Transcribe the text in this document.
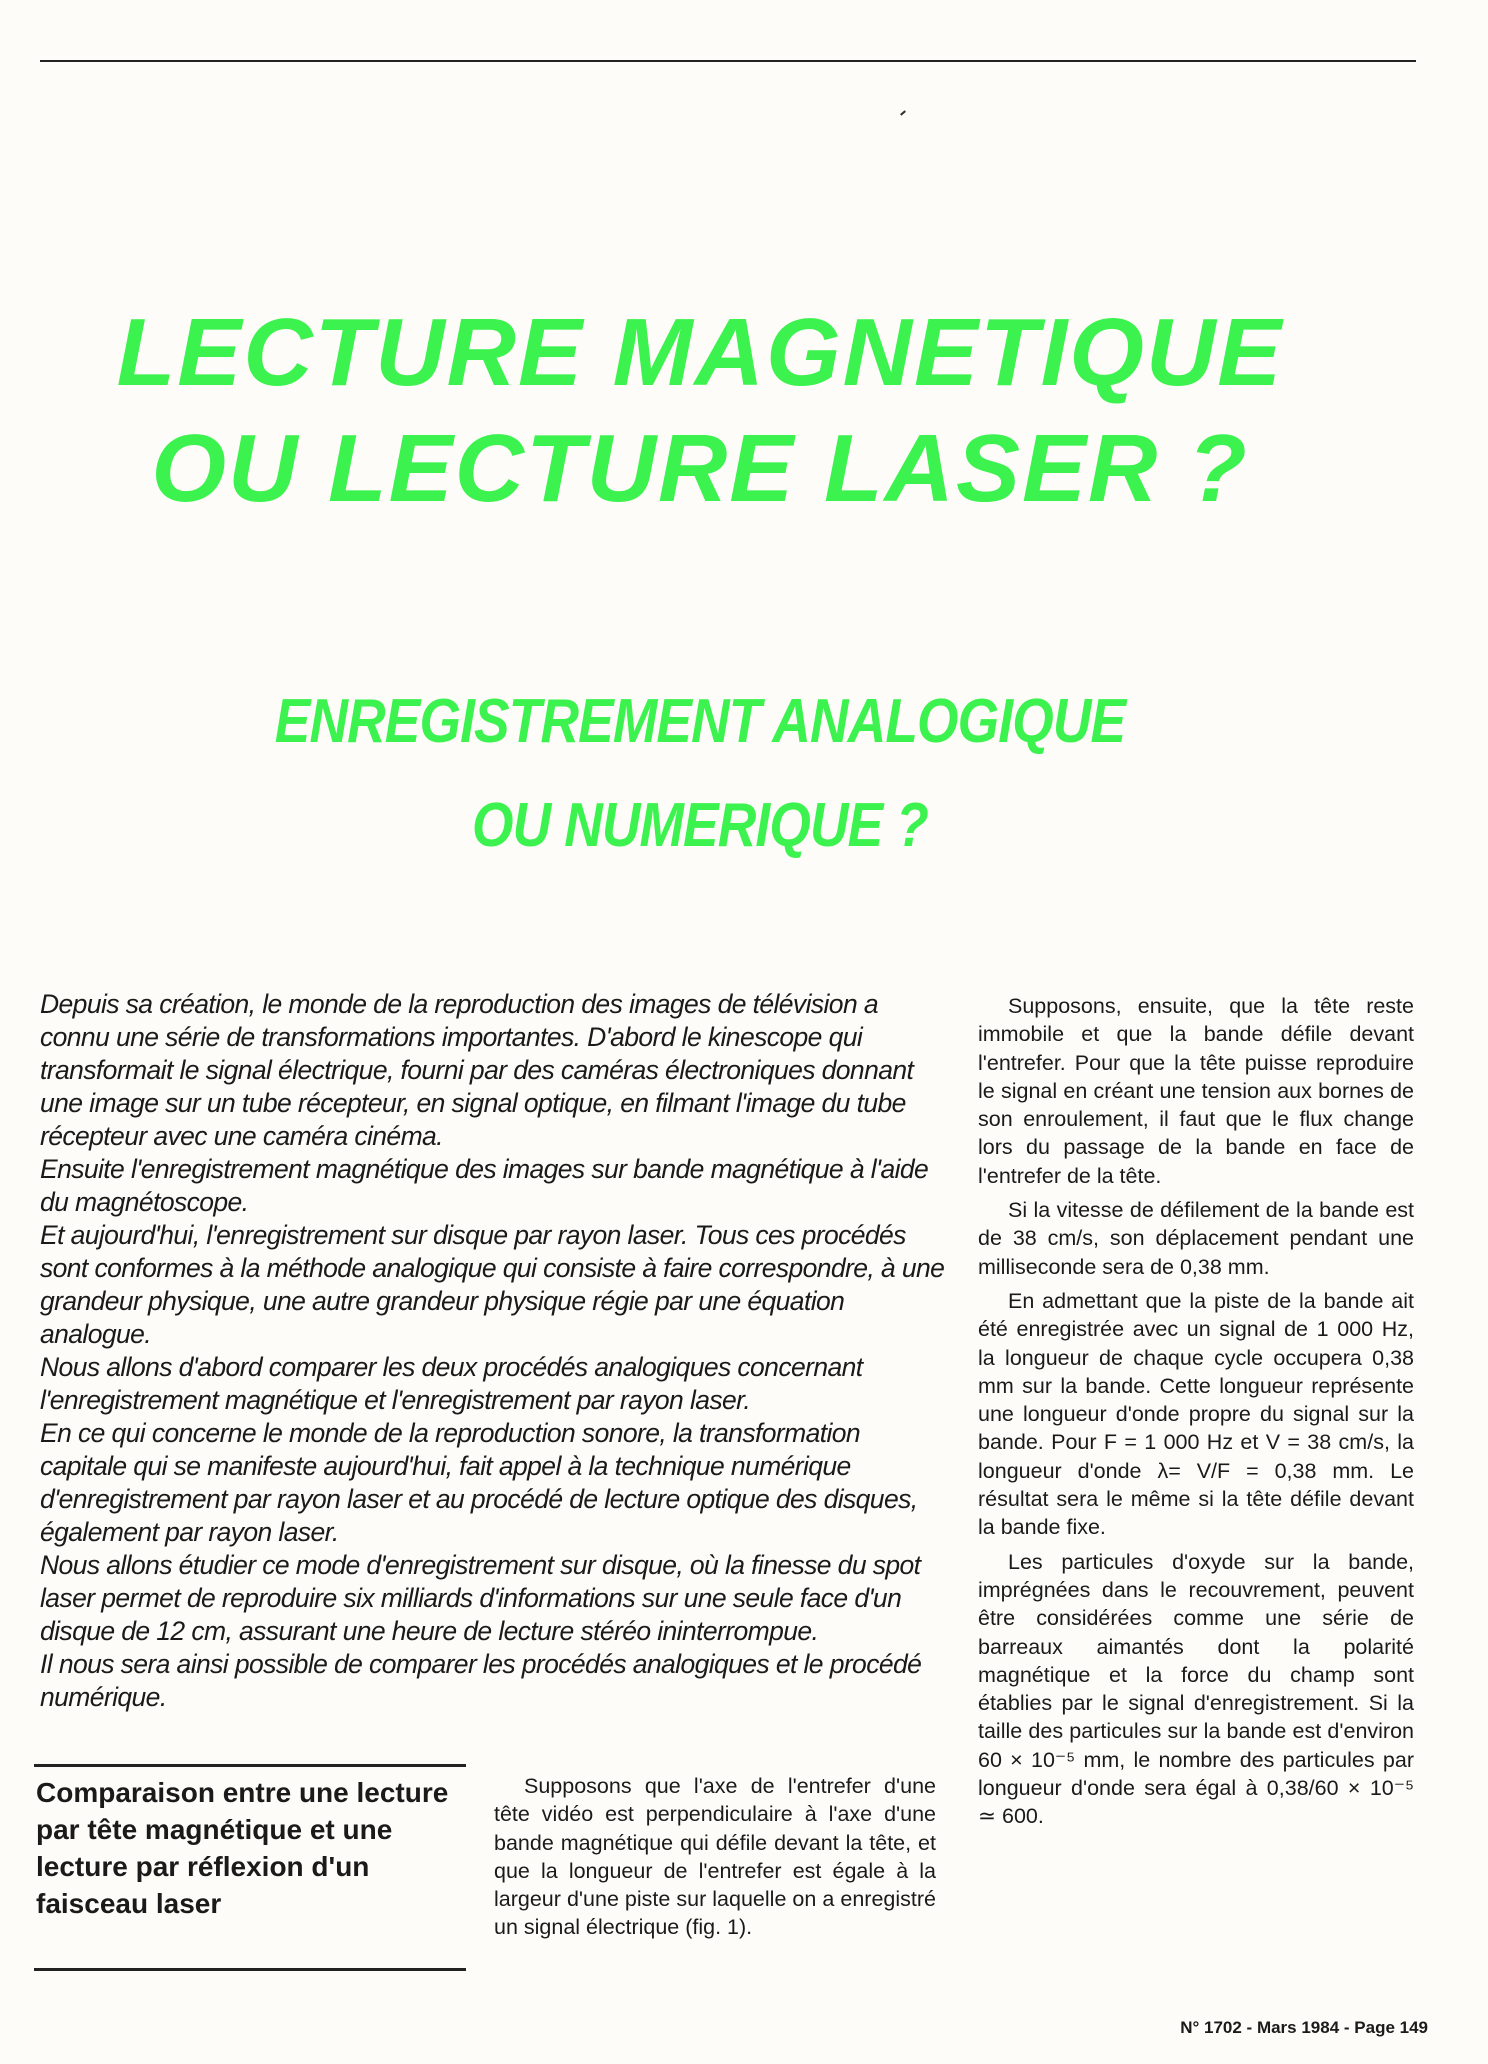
LECTURE MAGNETIQUE
OU LECTURE LASER ?
ENREGISTREMENT ANALOGIQUE
OU NUMERIQUE ?

Depuis sa création, le monde de la reproduction des images de télévision a connu une série de transformations importantes. D'abord le kinescope qui transformait le signal électrique, fourni par des caméras électroniques donnant une image sur un tube récepteur, en signal optique, en filmant l'image du tube récepteur avec une caméra cinéma.

Ensuite l'enregistrement magnétique des images sur bande magnétique à l'aide du magnétoscope.

Et aujourd'hui, l'enregistrement sur disque par rayon laser. Tous ces procédés sont conformes à la méthode analogique qui consiste à faire correspondre, à une grandeur physique, une autre grandeur physique régie par une équation analogue.

Nous allons d'abord comparer les deux procédés analogiques concernant l'enregistrement magnétique et l'enregistrement par rayon laser.

En ce qui concerne le monde de la reproduction sonore, la transformation capitale qui se manifeste aujourd'hui, fait appel à la technique numérique d'enregistrement par rayon laser et au procédé de lecture optique des disques, également par rayon laser.

Nous allons étudier ce mode d'enregistrement sur disque, où la finesse du spot laser permet de reproduire six milliards d'informations sur une seule face d'un disque de 12 cm, assurant une heure de lecture stéréo ininterrompue.

Il nous sera ainsi possible de comparer les procédés analogiques et le procédé numérique.

Supposons, ensuite, que la tête reste immobile et que la bande défile devant l'entrefer. Pour que la tête puisse reproduire le signal en créant une tension aux bornes de son enroulement, il faut que le flux change lors du passage de la bande en face de l'entrefer de la tête.

Si la vitesse de défilement de la bande est de 38 cm/s, son déplacement pendant une milliseconde sera de 0,38 mm.

En admettant que la piste de la bande ait été enregistrée avec un signal de 1 000 Hz, la longueur de chaque cycle occupera 0,38 mm sur la bande. Cette longueur représente une longueur d'onde propre du signal sur la bande. Pour F = 1 000 Hz et V = 38 cm/s, la longueur d'onde λ= V/F = 0,38 mm. Le résultat sera le même si la tête défile devant la bande fixe.

Les particules d'oxyde sur la bande, imprégnées dans le recouvrement, peuvent être considérées comme une série de barreaux aimantés dont la polarité magnétique et la force du champ sont établies par le signal d'enregistrement. Si la taille des particules sur la bande est d'environ 60 × 10⁻⁵ mm, le nombre des particules par longueur d'onde sera égal à 0,38/60 × 10⁻⁵ ≃ 600.

Comparaison entre une lecture par tête magnétique et une lecture par réflexion d'un faisceau laser

Supposons que l'axe de l'entrefer d'une tête vidéo est perpendiculaire à l'axe d'une bande magnétique qui défile devant la tête, et que la longueur de l'entrefer est égale à la largeur d'une piste sur laquelle on a enregistré un signal électrique (fig. 1).

N° 1702 - Mars 1984 - Page 149
